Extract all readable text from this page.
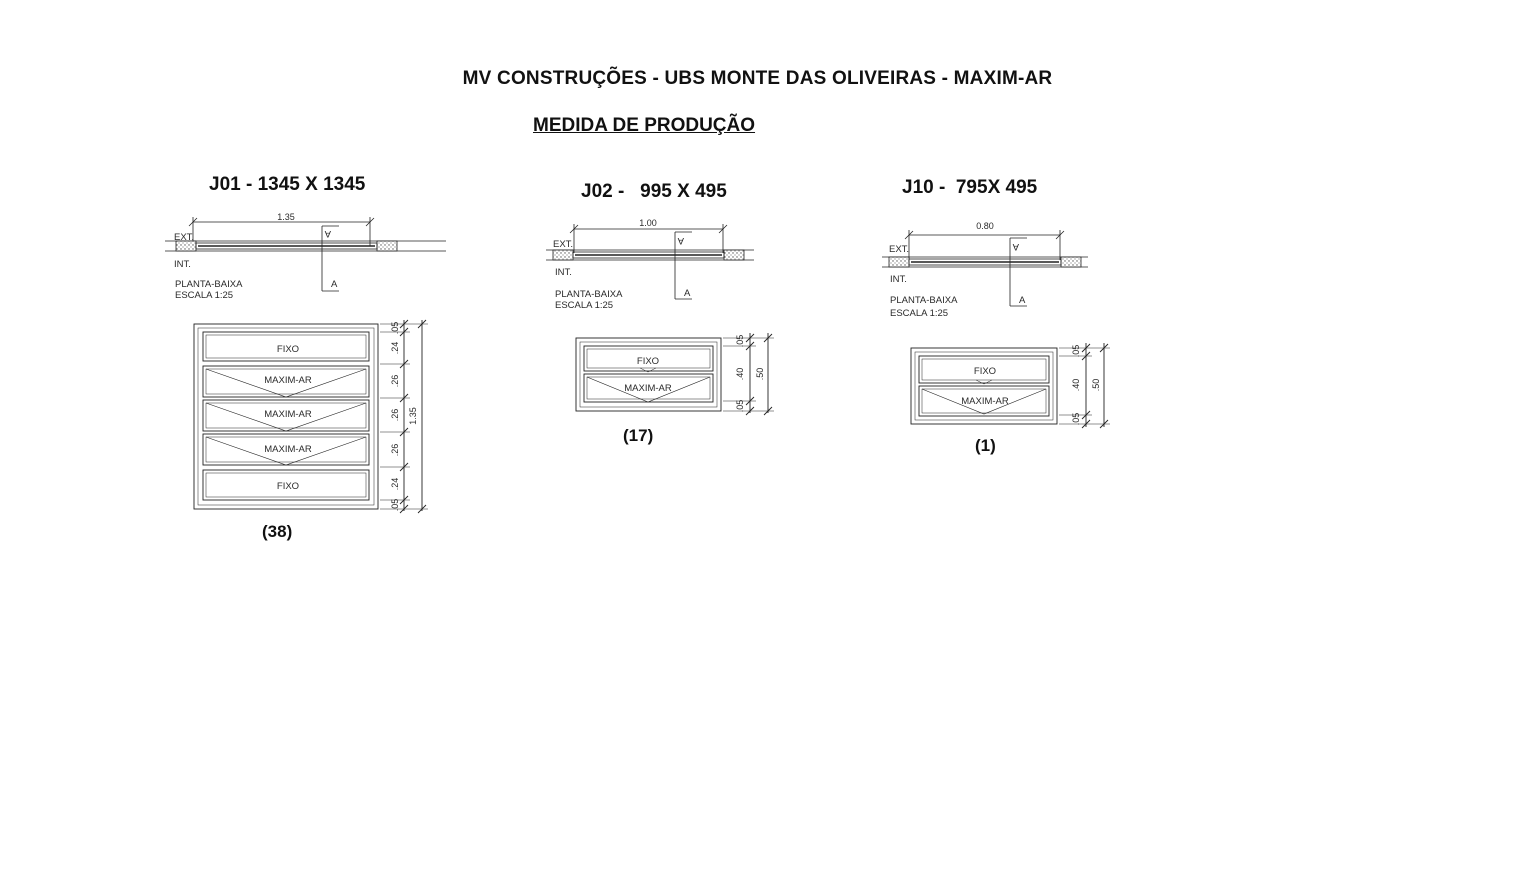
MV CONSTRUÇÕES - UBS MONTE DAS OLIVEIRAS - MAXIM-AR
MEDIDA DE PRODUÇÃO
J01 - 1345 X 1345	J02 -   995 X 495	J10 -  795X 495
(38)
(17)
(1)
1.35
EXT.
INT.
A
A
PLANTA-BAIXA
ESCALA 1:25
FIXO
MAXIM-AR
MAXIM-AR
MAXIM-AR
FIXO
.05
.24
.26
.26
.26
.24
.05
1.35
1.00
EXT.
INT.
A
A
PLANTA-BAIXA
ESCALA 1:25
FIXO
MAXIM-AR
.05
.40
.05
.50
0.80
EXT.
INT.
A
A
PLANTA-BAIXA
ESCALA 1:25
FIXO
MAXIM-AR
.05
.40
.05
.50
